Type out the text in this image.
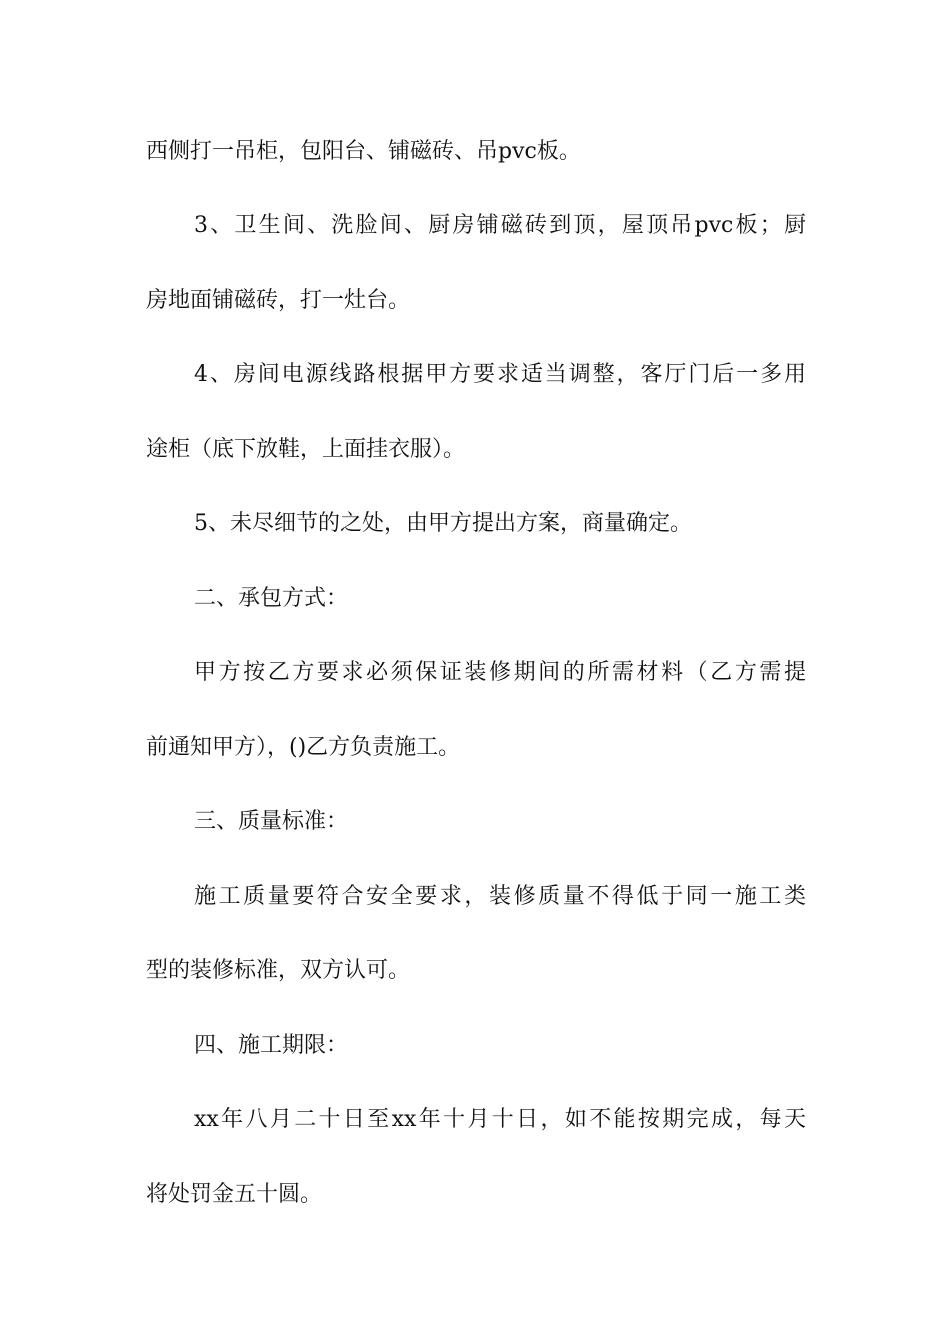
西侧打一吊柜，包阳台、铺磁砖、吊pvc板。
3、卫生间、洗脸间、厨房铺磁砖到顶，屋顶吊pvc板；厨
房地面铺磁砖，打一灶台。
4、房间电源线路根据甲方要求适当调整，客厅门后一多用
途柜（底下放鞋，上面挂衣服）。
5、未尽细节的之处，由甲方提出方案，商量确定。
二、承包方式：
甲方按乙方要求必须保证装修期间的所需材料（乙方需提
前通知甲方），()乙方负责施工。
三、质量标准：
施工质量要符合安全要求，装修质量不得低于同一施工类
型的装修标准，双方认可。
四、施工期限：
xx年八月二十日至xx年十月十日，如不能按期完成，每天
将处罚金五十圆。
